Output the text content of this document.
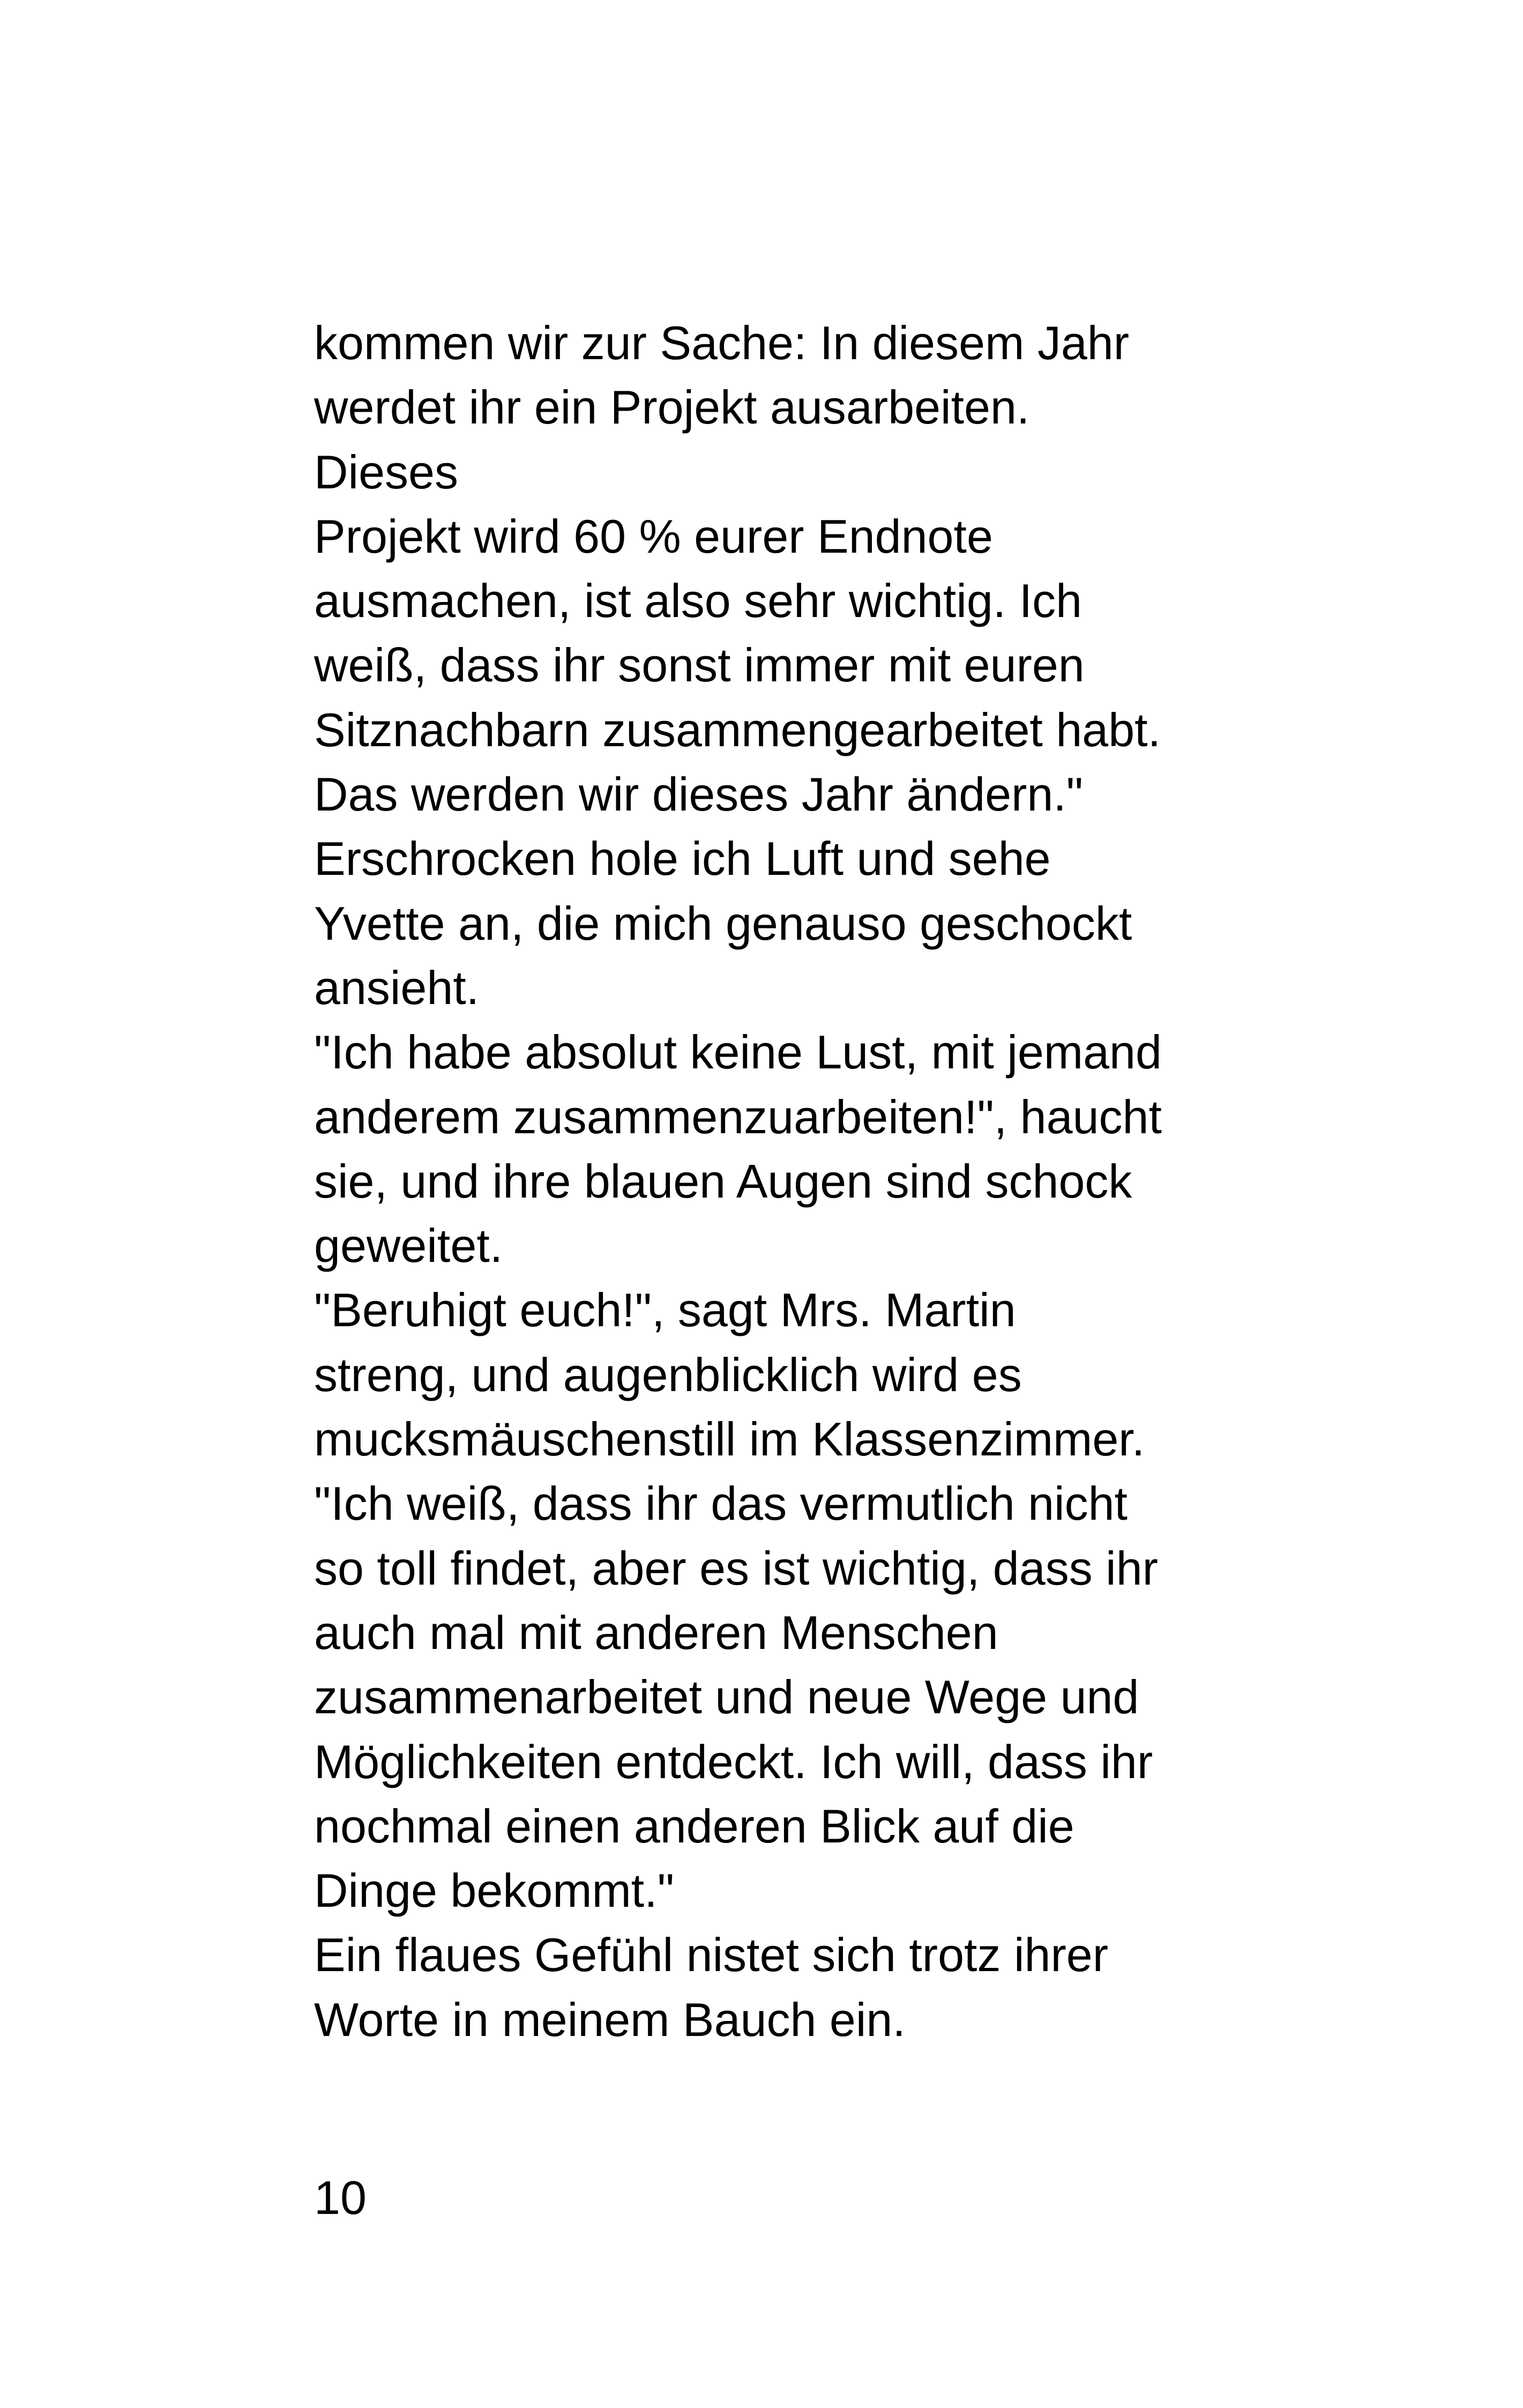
kommen wir zur Sache: In diesem Jahr
werdet ihr ein Projekt ausarbeiten.
Dieses
Projekt wird 60 % eurer Endnote
ausmachen, ist also sehr wichtig. Ich
weiß, dass ihr sonst immer mit euren
Sitznachbarn zusammengearbeitet habt.
Das werden wir dieses Jahr ändern."
Erschrocken hole ich Luft und sehe
Yvette an, die mich genauso geschockt
ansieht.
"Ich habe absolut keine Lust, mit jemand
anderem zusammenzuarbeiten!", haucht
sie, und ihre blauen Augen sind schock
geweitet.
"Beruhigt euch!", sagt Mrs. Martin
streng, und augenblicklich wird es
mucksmäuschenstill im Klassenzimmer.
"Ich weiß, dass ihr das vermutlich nicht
so toll findet, aber es ist wichtig, dass ihr
auch mal mit anderen Menschen
zusammenarbeitet und neue Wege und
Möglichkeiten entdeckt. Ich will, dass ihr
nochmal einen anderen Blick auf die
Dinge bekommt."
Ein flaues Gefühl nistet sich trotz ihrer
Worte in meinem Bauch ein.
10
